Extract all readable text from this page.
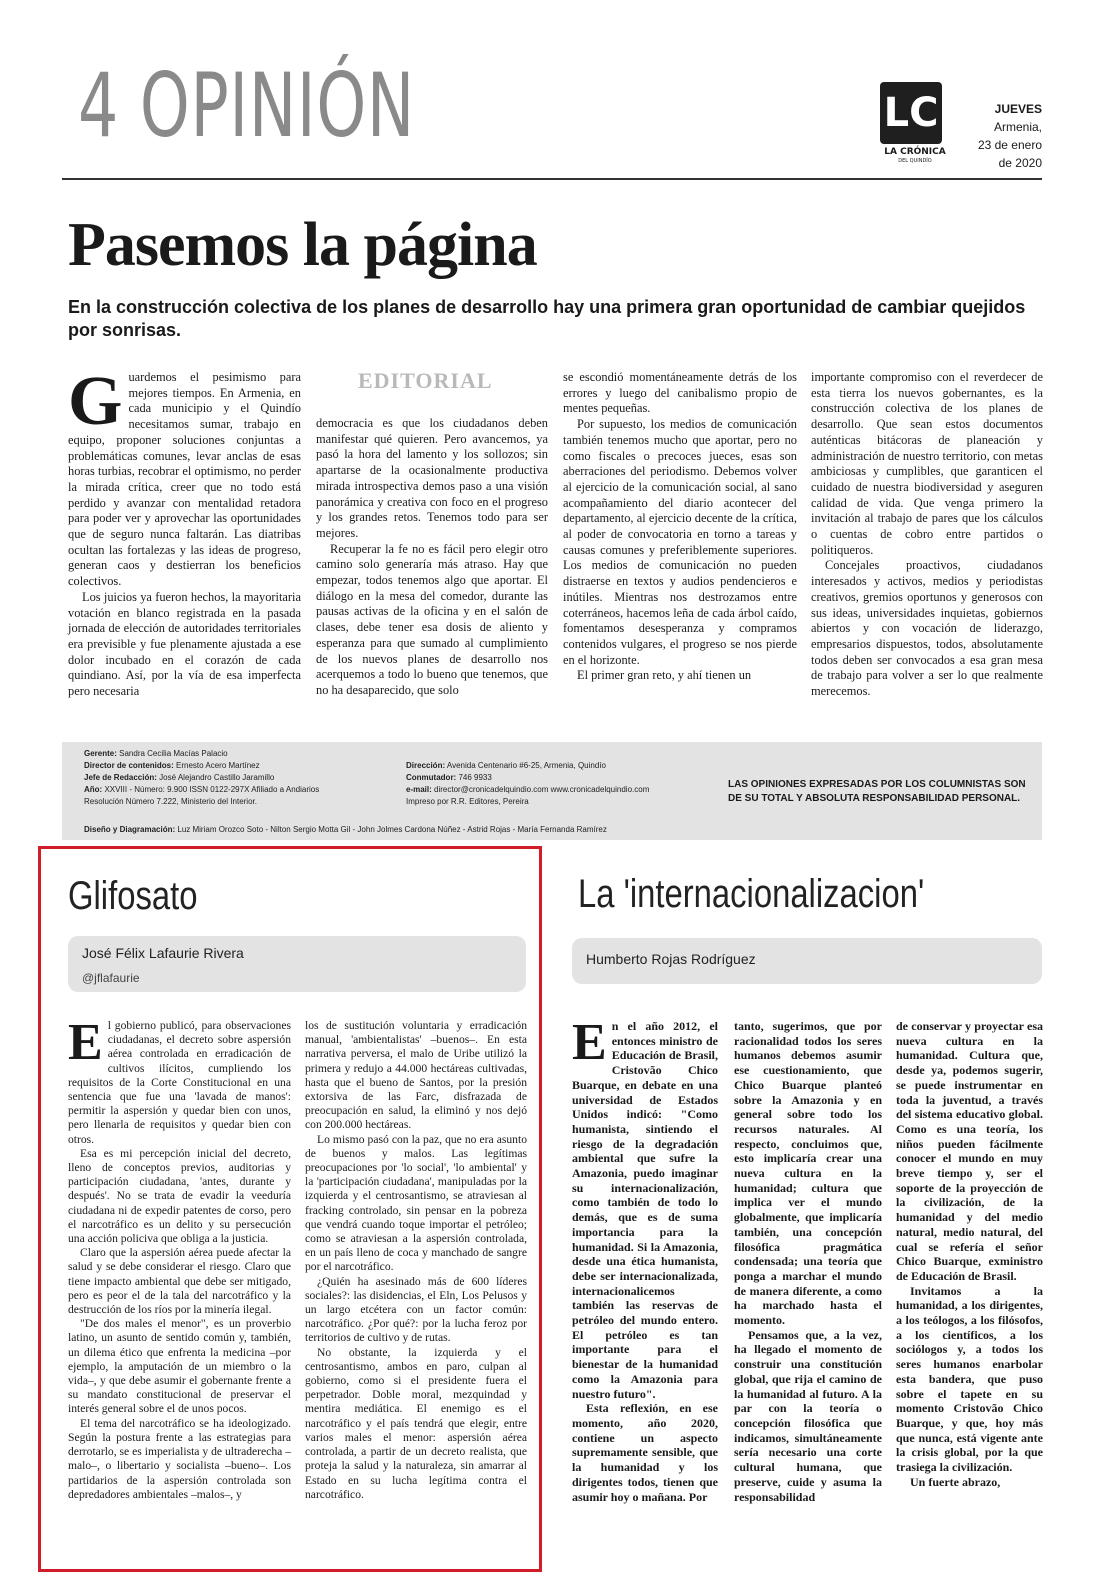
4 OPINIÓN	LC
LA CRÓNICA
DEL QUINDÍO
JUEVES
Armenia,
23 de enero
de 2020
Pasemos la página
En la construcción colectiva de los planes de desarrollo hay una primera gran oportunidad de cambiar quejidos por sonrisas.
EDITORIAL

Guardemos el pesimismo para mejores tiempos. En Armenia, en cada municipio y el Quindío necesitamos sumar, trabajo en equipo, proponer soluciones conjuntas a problemáticas comunes, levar anclas de esas horas turbias, recobrar el optimismo, no perder la mirada crítica, creer que no todo está perdido y avanzar con mentalidad retadora para poder ver y aprovechar las oportunidades que de seguro nunca faltarán. Las diatribas ocultan las fortalezas y las ideas de progreso, generan caos y destierran los beneficios colectivos.

Los juicios ya fueron hechos, la mayoritaria votación en blanco registrada en la pasada jornada de elección de autoridades territoriales era previsible y fue plenamente ajustada a ese dolor incubado en el corazón de cada quindiano. Así, por la vía de esa imperfecta pero necesaria

democracia es que los ciudadanos deben manifestar qué quieren. Pero avancemos, ya pasó la hora del lamento y los sollozos; sin apartarse de la ocasionalmente productiva mirada introspectiva demos paso a una visión panorámica y creativa con foco en el progreso y los grandes retos. Tenemos todo para ser mejores.

Recuperar la fe no es fácil pero elegir otro camino solo generaría más atraso. Hay que empezar, todos tenemos algo que aportar. El diálogo en la mesa del comedor, durante las pausas activas de la oficina y en el salón de clases, debe tener esa dosis de aliento y esperanza para que sumado al cumplimiento de los nuevos planes de desarrollo nos acerquemos a todo lo bueno que tenemos, que no ha desaparecido, que solo

se escondió momentáneamente detrás de los errores y luego del canibalismo propio de mentes pequeñas.

Por supuesto, los medios de comunicación también tenemos mucho que aportar, pero no como fiscales o precoces jueces, esas son aberraciones del periodismo. Debemos volver al ejercicio de la comunicación social, al sano acompañamiento del diario acontecer del departamento, al ejercicio decente de la crítica, al poder de convocatoria en torno a tareas y causas comunes y preferiblemente superiores. Los medios de comunicación no pueden distraerse en textos y audios pendencieros e inútiles. Mientras nos destrozamos entre coterráneos, hacemos leña de cada árbol caído, fomentamos desesperanza y compramos contenidos vulgares, el progreso se nos pierde en el horizonte.

El primer gran reto, y ahí tienen un

importante compromiso con el reverdecer de esta tierra los nuevos gobernantes, es la construcción colectiva de los planes de desarrollo. Que sean estos documentos auténticas bitácoras de planeación y administración de nuestro territorio, con metas ambiciosas y cumplibles, que garanticen el cuidado de nuestra biodiversidad y aseguren calidad de vida. Que venga primero la invitación al trabajo de pares que los cálculos o cuentas de cobro entre partidos o politiqueros.

Concejales proactivos, ciudadanos interesados y activos, medios y periodistas creativos, gremios oportunos y generosos con sus ideas, universidades inquietas, gobiernos abiertos y con vocación de liderazgo, empresarios dispuestos, todos, absolutamente todos deben ser convocados a esa gran mesa de trabajo para volver a ser lo que realmente merecemos.

Gerente: Sandra Cecilia Macías Palacio
Director de contenidos: Ernesto Acero Martínez
Jefe de Redacción: José Alejandro Castillo Jaramillo
Año: XXVIII - Número: 9.900 ISSN 0122-297X Afiliado a Andiarios
Resolución Número 7.222, Ministerio del Interior.
Dirección: Avenida Centenario #6-25, Armenia, Quindío
Conmutador: 746 9933
e-mail: director@cronicadelquindio.com www.cronicadelquindio.com
Impreso por R.R. Editores, Pereira
Diseño y Diagramación: Luz Miriam Orozco Soto - Nilton Sergio Motta Gil - John Jolmes Cardona Núñez - Astrid Rojas - María Fernanda Ramírez
LAS OPINIONES EXPRESADAS POR LOS COLUMNISTAS SON DE SU TOTAL Y ABSOLUTA RESPONSABILIDAD PERSONAL.
Glifosato
José Félix Lafaurie Rivera
@jflafaurie

El gobierno publicó, para observaciones ciudadanas, el decreto sobre aspersión aérea controlada en erradicación de cultivos ilícitos, cumpliendo los requisitos de la Corte Constitucional en una sentencia que fue una 'lavada de manos': permitir la aspersión y quedar bien con unos, pero llenarla de requisitos y quedar bien con otros.

Esa es mi percepción inicial del decreto, lleno de conceptos previos, auditorias y participación ciudadana, 'antes, durante y después'. No se trata de evadir la veeduría ciudadana ni de expedir patentes de corso, pero el narcotráfico es un delito y su persecución una acción policiva que obliga a la justicia.

Claro que la aspersión aérea puede afectar la salud y se debe considerar el riesgo. Claro que tiene impacto ambiental que debe ser mitigado, pero es peor el de la tala del narcotráfico y la destrucción de los ríos por la minería ilegal.

"De dos males el menor", es un proverbio latino, un asunto de sentido común y, también, un dilema ético que enfrenta la medicina –por ejemplo, la amputación de un miembro o la vida–, y que debe asumir el gobernante frente a su mandato constitucional de preservar el interés general sobre el de unos pocos.

El tema del narcotráfico se ha ideologizado. Según la postura frente a las estrategias para derrotarlo, se es imperialista y de ultraderecha –malo–, o libertario y socialista –bueno–. Los partidarios de la aspersión controlada son depredadores ambientales –malos–, y

los de sustitución voluntaria y erradicación manual, 'ambientalistas' –buenos–. En esta narrativa perversa, el malo de Uribe utilizó la primera y redujo a 44.000 hectáreas cultivadas, hasta que el bueno de Santos, por la presión extorsiva de las Farc, disfrazada de preocupación en salud, la eliminó y nos dejó con 200.000 hectáreas.

Lo mismo pasó con la paz, que no era asunto de buenos y malos. Las legítimas preocupaciones por 'lo social', 'lo ambiental' y la 'participación ciudadana', manipuladas por la izquierda y el centrosantismo, se atraviesan al fracking controlado, sin pensar en la pobreza que vendrá cuando toque importar el petróleo; como se atraviesan a la aspersión controlada, en un país lleno de coca y manchado de sangre por el narcotráfico.

¿Quién ha asesinado más de 600 líderes sociales?: las disidencias, el Eln, Los Pelusos y un largo etcétera con un factor común: narcotráfico. ¿Por qué?: por la lucha feroz por territorios de cultivo y de rutas.

No obstante, la izquierda y el centrosantismo, ambos en paro, culpan al gobierno, como si el presidente fuera el perpetrador. Doble moral, mezquindad y mentira mediática. El enemigo es el narcotráfico y el país tendrá que elegir, entre varios males el menor: aspersión aérea controlada, a partir de un decreto realista, que proteja la salud y la naturaleza, sin amarrar al Estado en su lucha legítima contra el narcotráfico.

La 'internacionalizacion'
Humberto Rojas Rodríguez

En el año 2012, el entonces ministro de Educación de Brasil, Cristovão Chico Buarque, en debate en una universidad de Estados Unidos indicó: "Como humanista, sintiendo el riesgo de la degradación ambiental que sufre la Amazonia, puedo imaginar su internacionalización, como también de todo lo demás, que es de suma importancia para la humanidad. Si la Amazonia, desde una ética humanista, debe ser internacionalizada, internacionalicemos también las reservas de petróleo del mundo entero. El petróleo es tan importante para el bienestar de la humanidad como la Amazonia para nuestro futuro".

Esta reflexión, en ese momento, año 2020, contiene un aspecto supremamente sensible, que la humanidad y los dirigentes todos, tienen que asumir hoy o mañana. Por

tanto, sugerimos, que por racionalidad todos los seres humanos debemos asumir ese cuestionamiento, que Chico Buarque planteó sobre la Amazonia y en general sobre todo los recursos naturales. Al respecto, concluimos que, esto implicaría crear una nueva cultura en la humanidad; cultura que implica ver el mundo globalmente, que implicaría también, una concepción filosófica pragmática condensada; una teoría que ponga a marchar el mundo de manera diferente, a como ha marchado hasta el momento.

Pensamos que, a la vez, ha llegado el momento de construir una constitución global, que rija el camino de la humanidad al futuro. A la par con la teoría o concepción filosófica que indicamos, simultáneamente sería necesario una corte cultural humana, que preserve, cuide y asuma la responsabilidad

de conservar y proyectar esa nueva cultura en la humanidad. Cultura que, desde ya, podemos sugerir, se puede instrumentar en toda la juventud, a través del sistema educativo global. Como es una teoría, los niños pueden fácilmente conocer el mundo en muy breve tiempo y, ser el soporte de la proyección de la civilización, de la humanidad y del medio natural, medio natural, del cual se refería el señor Chico Buarque, exministro de Educación de Brasil.

Invitamos a la humanidad, a los dirigentes, a los teólogos, a los filósofos, a los científicos, a los sociólogos y, a todos los seres humanos enarbolar esta bandera, que puso sobre el tapete en su momento Cristovão Chico Buarque, y que, hoy más que nunca, está vigente ante la crisis global, por la que trasiega la civilización.

Un fuerte abrazo,
